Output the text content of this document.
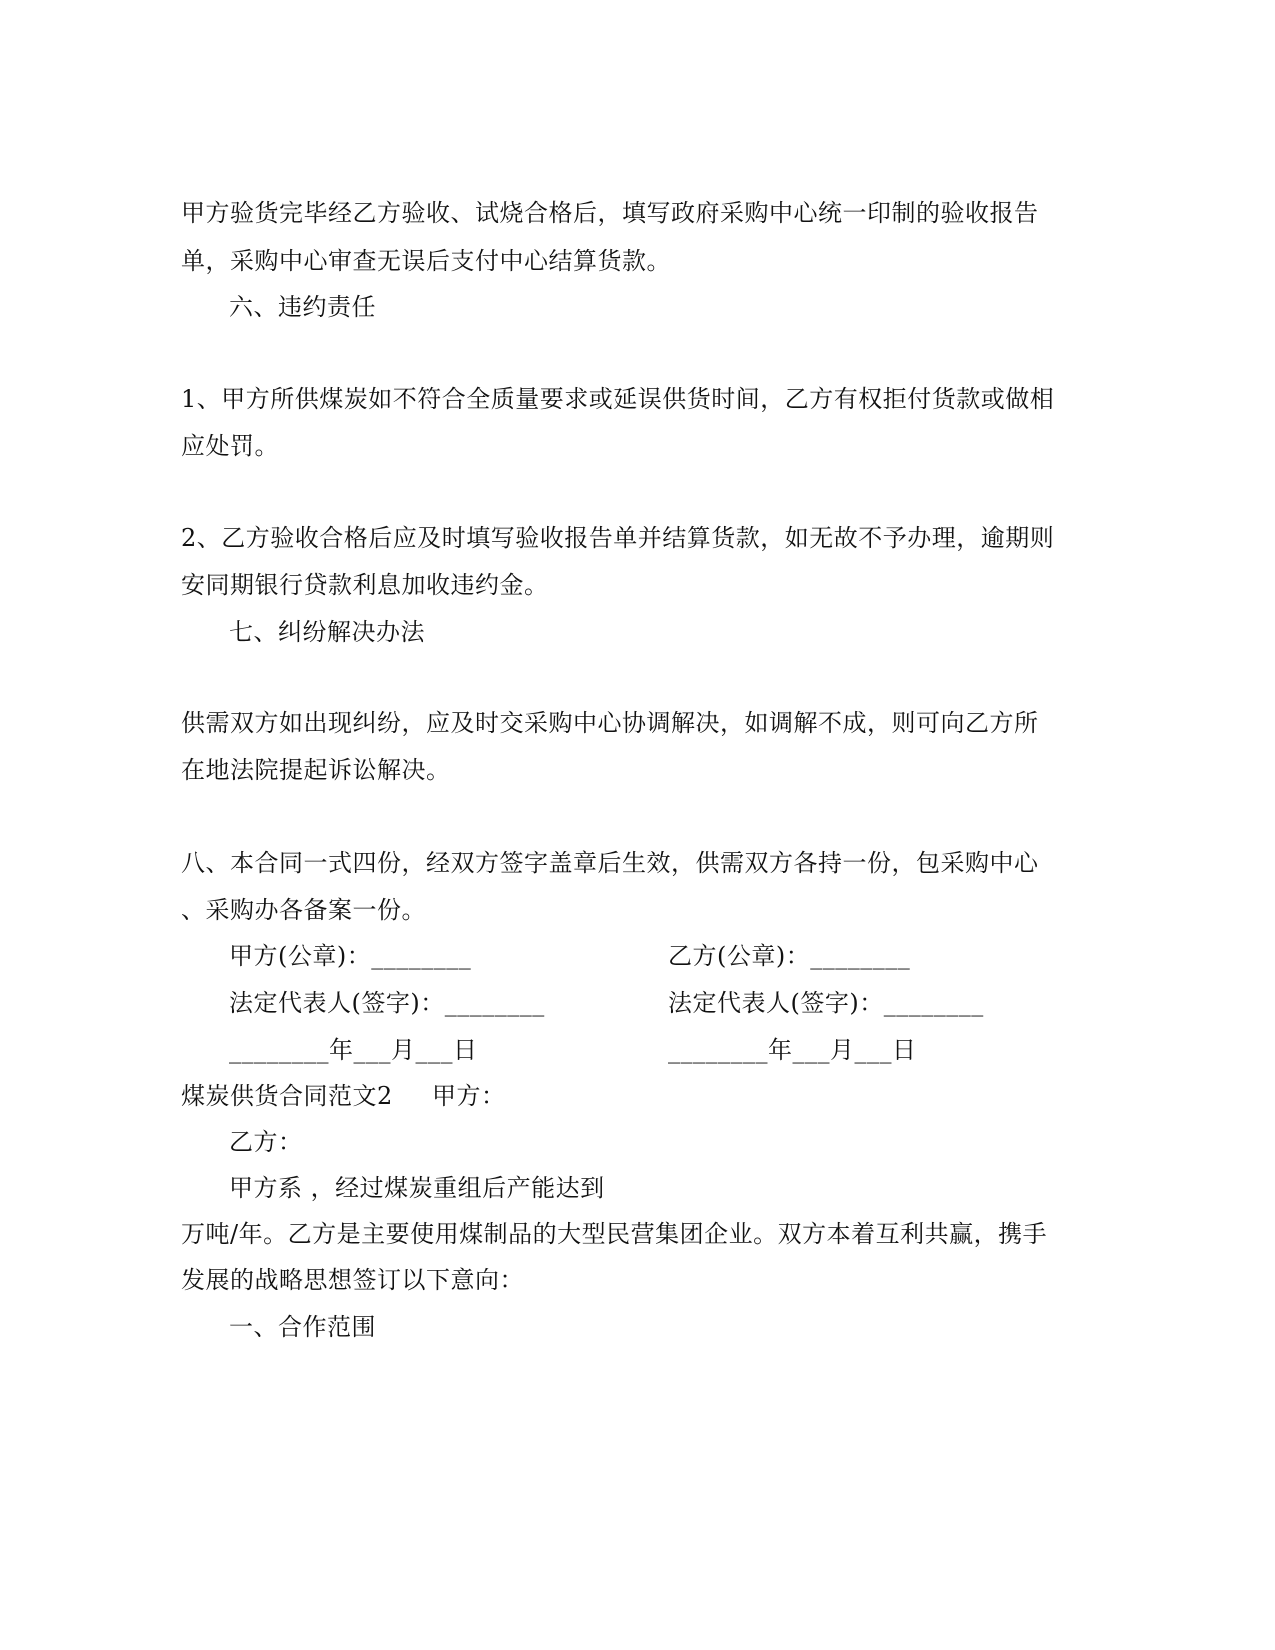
甲方验货完毕经乙方验收、试烧合格后，填写政府采购中心统一印制的验收报告
单，采购中心审查无误后支付中心结算货款。
六、违约责任
1、甲方所供煤炭如不符合全质量要求或延误供货时间，乙方有权拒付货款或做相
应处罚。
2、乙方验收合格后应及时填写验收报告单并结算货款，如无故不予办理，逾期则
安同期银行贷款利息加收违约金。
七、纠纷解决办法
供需双方如出现纠纷，应及时交采购中心协调解决，如调解不成，则可向乙方所
在地法院提起诉讼解决。
八、本合同一式四份，经双方签字盖章后生效，供需双方各持一份，包采购中心
、采购办各备案一份。
甲方(公章)：________	乙方(公章)：________
法定代表人(签字)：________	法定代表人(签字)：________
________年___月___日	________年___月___日
煤炭供货合同范文2 甲方：
乙方：
甲方系 ，经过煤炭重组后产能达到
万吨/年。乙方是主要使用煤制品的大型民营集团企业。双方本着互利共赢，携手
发展的战略思想签订以下意向：
一、合作范围
